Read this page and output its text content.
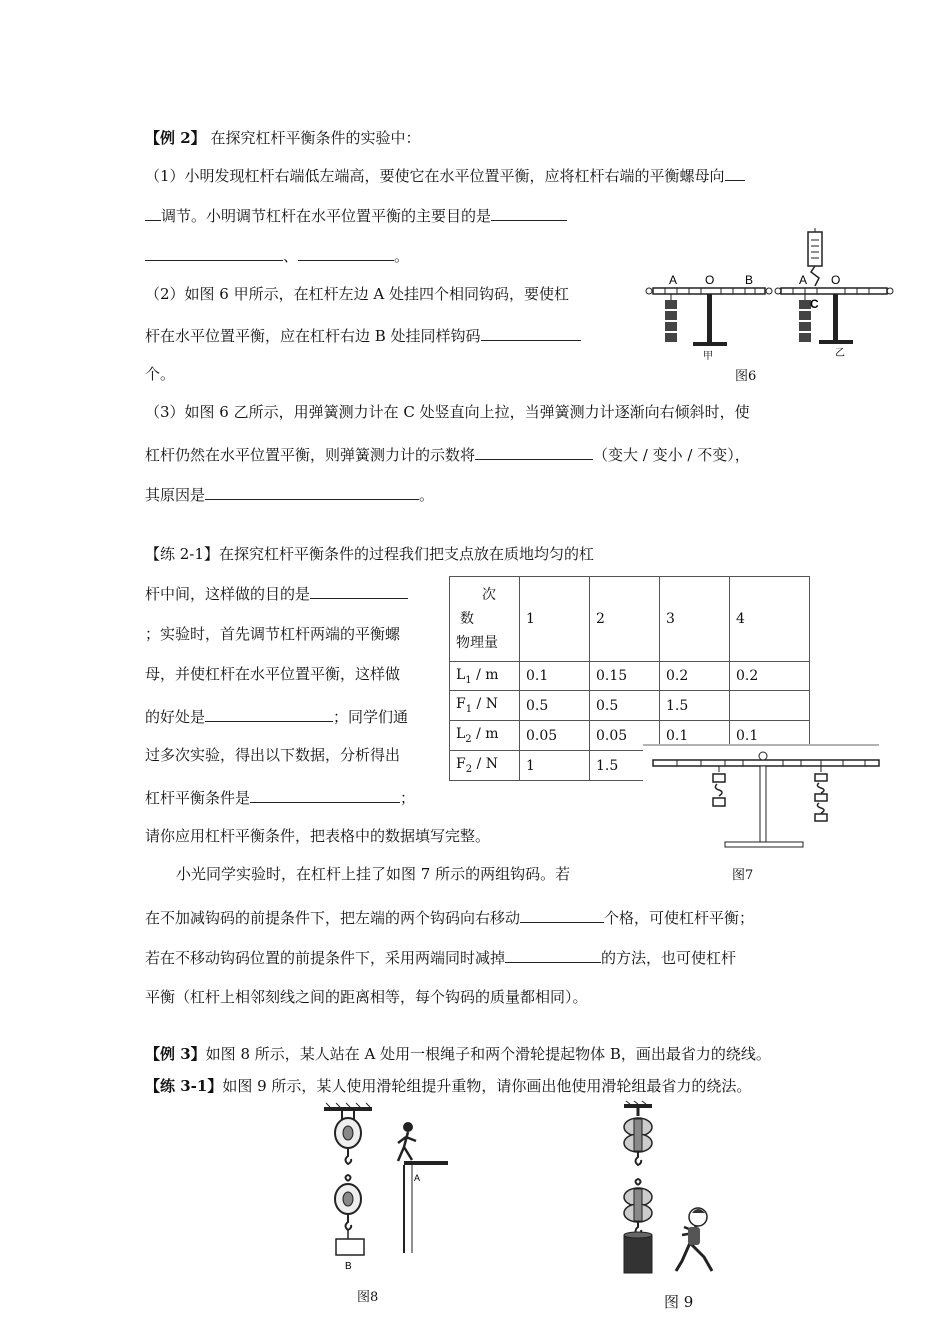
【例 2】 在探究杠杆平衡条件的实验中：
（1）小明发现杠杆右端低左端高，要使它在水平位置平衡，应将杠杆右端的平衡螺母向
调节。小明调节杠杆在水平位置平衡的主要目的是
、	。
（2）如图 6 甲所示，在杠杆左边 A 处挂四个相同钩码，要使杠
杆在水平位置平衡，应在杠杆右边 B 处挂同样钩码
个。
（3）如图 6 乙所示，用弹簧测力计在 C 处竖直向上拉，当弹簧测力计逐渐向右倾斜时，使
杠杆仍然在水平位置平衡，则弹簧测力计的示数将	（变大 / 变小 / 不变），
其原因是	。
A O	B
甲
A O
C
乙
图6
【练 2-1】在探究杠杆平衡条件的过程我们把支点放在质地均匀的杠
杆中间，这样做的目的是
；实验时，首先调节杠杆两端的平衡螺
母，并使杠杆在水平位置平衡，这样做
的好处是	；同学们通
过多次实验，得出以下数据，分析得出
杠杆平衡条件是	；
请你应用杠杆平衡条件，把表格中的数据填写完整。
小光同学实验时，在杠杆上挂了如图 7 所示的两组钩码。若
在不加减钩码的前提条件下，把左端的两个钩码向右移动	个格，可使杠杆平衡；
若在不移动钩码位置的前提条件下，采用两端同时减掉	的方法，也可使杠杆
平衡（杠杆上相邻刻线之间的距离相等，每个钩码的质量都相同）。
次
数
物理量	1	2	3	4
$L_1$ / m	0.1	0.15	0.2	0.2
$F_1$ / N	0.5	0.5	1.5	
$L_2$ / m	0.05	0.05	0.1	0.1
$F_2$ / N	1	1.5		
图7
【例 3】如图 8 所示，某人站在 A 处用一根绳子和两个滑轮提起物体 B，画出最省力的绕线。
【练 3-1】如图 9 所示，某人使用滑轮组提升重物，请你画出他使用滑轮组最省力的绕法。
B
A
图8	图 9
